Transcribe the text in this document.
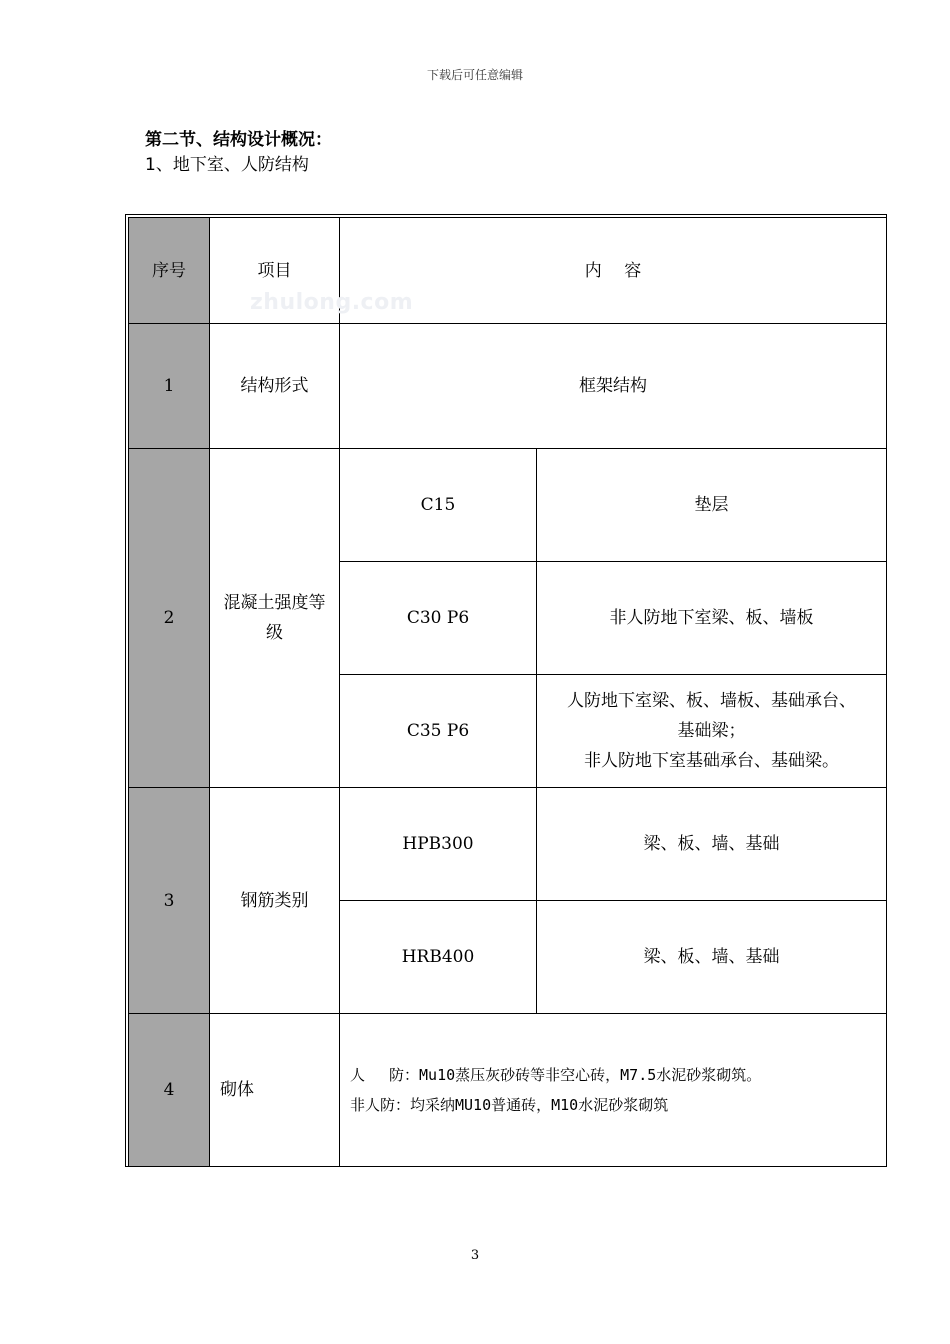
下载后可任意编辑
第二节、结构设计概况：
1、地下室、人防结构
序号	项目	内　 容	
1	结构形式	框架结构	
2	混凝土强度等级	C15	垫层

		C30 P6	非人防地下室梁、板、墙板

		C35 P6	人防地下室梁、板、墙板、基础承台、
基础梁；
非人防地下室基础承台、基础梁。

3	钢筋类别	HPB300	梁、板、墙、基础

		HRB400	梁、板、墙、基础

4	砌体	人　 防：Mu10蒸压灰砂砖等非空心砖，M7.5水泥砂浆砌筑。
非人防：均采纳MU10普通砖，M10水泥砂浆砌筑	
zhulong.com
3
